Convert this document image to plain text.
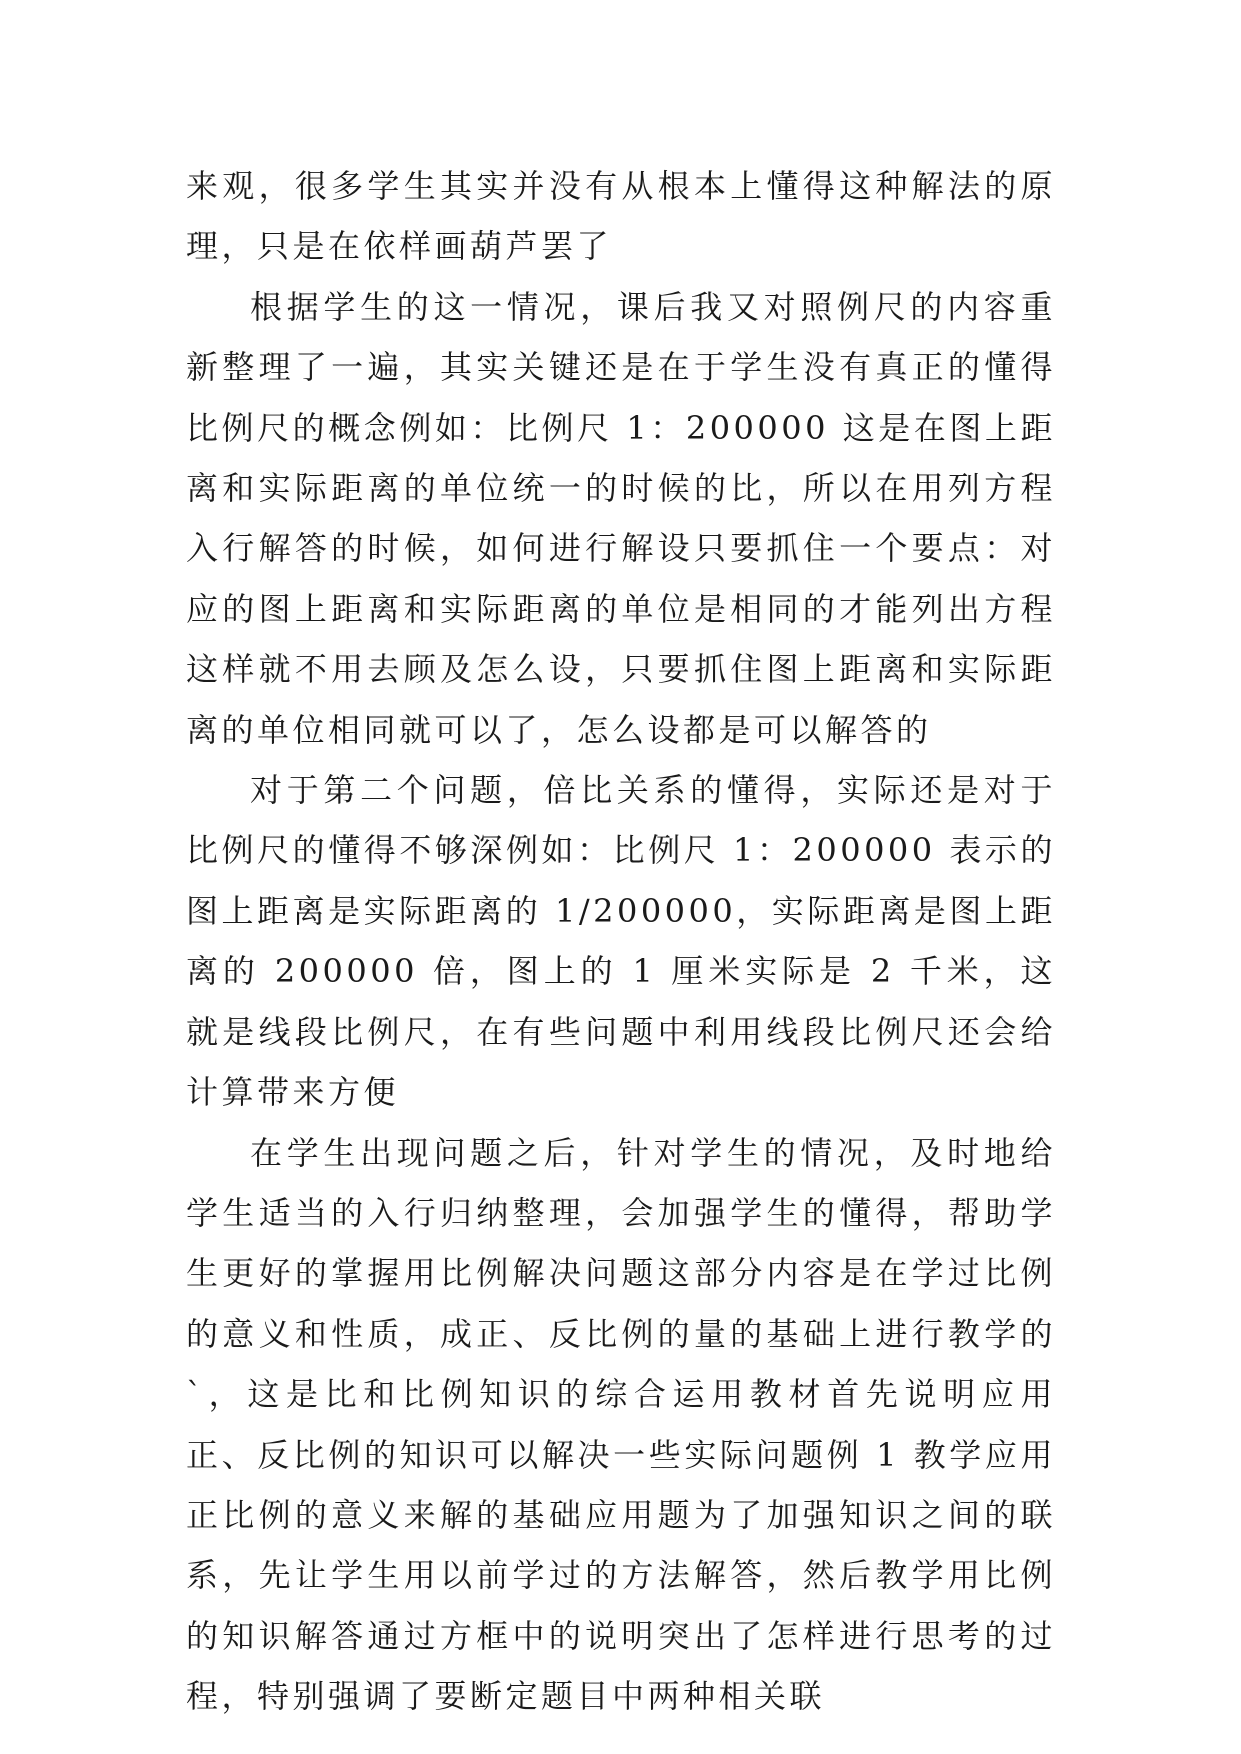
来观，很多学生其实并没有从根本上懂得这种解法的原理，只是在依样画葫芦罢了

根据学生的这一情况，课后我又对照例尺的内容重新整理了一遍，其实关键还是在于学生没有真正的懂得比例尺的概念例如：比例尺 1：200000 这是在图上距离和实际距离的单位统一的时候的比，所以在用列方程入行解答的时候，如何进行解设只要抓住一个要点：对应的图上距离和实际距离的单位是相同的才能列出方程这样就不用去顾及怎么设，只要抓住图上距离和实际距离的单位相同就可以了，怎么设都是可以解答的

对于第二个问题，倍比关系的懂得，实际还是对于比例尺的懂得不够深例如：比例尺 1：200000 表示的图上距离是实际距离的 1/200000，实际距离是图上距离的 200000 倍，图上的 1 厘米实际是 2 千米，这就是线段比例尺，在有些问题中利用线段比例尺还会给计算带来方便

在学生出现问题之后，针对学生的情况，及时地给学生适当的入行归纳整理，会加强学生的懂得，帮助学生更好的掌握用比例解决问题这部分内容是在学过比例的意义和性质，成正、反比例的量的基础上进行教学的`，这是比和比例知识的综合运用教材首先说明应用正、反比例的知识可以解决一些实际问题例 1 教学应用正比例的意义来解的基础应用题为了加强知识之间的联系，先让学生用以前学过的方法解答，然后教学用比例的知识解答通过方框中的说明突出了怎样进行思考的过程，特别强调了要断定题目中两种相关联
